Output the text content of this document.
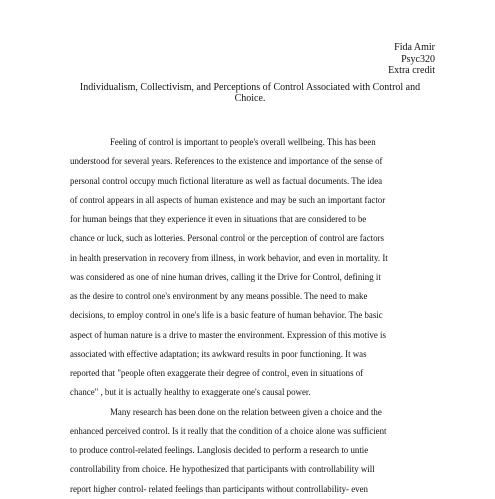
Fida Amir
Psyc320
Extra credit
Individualism, Collectivism, and Perceptions of Control Associated with Control and
Choice.
Feeling of control is important to people's overall wellbeing. This has been
understood for several years. References to the existence and importance of the sense of
personal control occupy much fictional literature as well as factual documents. The idea
of control appears in all aspects of human existence and may be such an important factor
for human beings that they experience it even in situations that are considered to be
chance or luck, such as lotteries. Personal control or the perception of control are factors
in health preservation in recovery from illness, in work behavior, and even in mortality. It
was considered as one of nine human drives, calling it the Drive for Control, defining it
as the desire to control one's environment by any means possible. The need to make
decisions, to employ control in one's life is a basic feature of human behavior. The basic
aspect of human nature is a drive to master the environment. Expression of this motive is
associated with effective adaptation; its awkward results in poor functioning. It was
reported that "people often exaggerate their degree of control, even in situations of
chance" , but it is actually healthy to exaggerate one's causal power.
Many research has been done on the relation between given a choice and the
enhanced perceived control. Is it really that the condition of a choice alone was sufficient
to produce control-related feelings. Langlosis decided to perform a research to untie
controllability from choice. He hypothesized that participants with controllability will
report higher control- related feelings than participants without controllability- even
